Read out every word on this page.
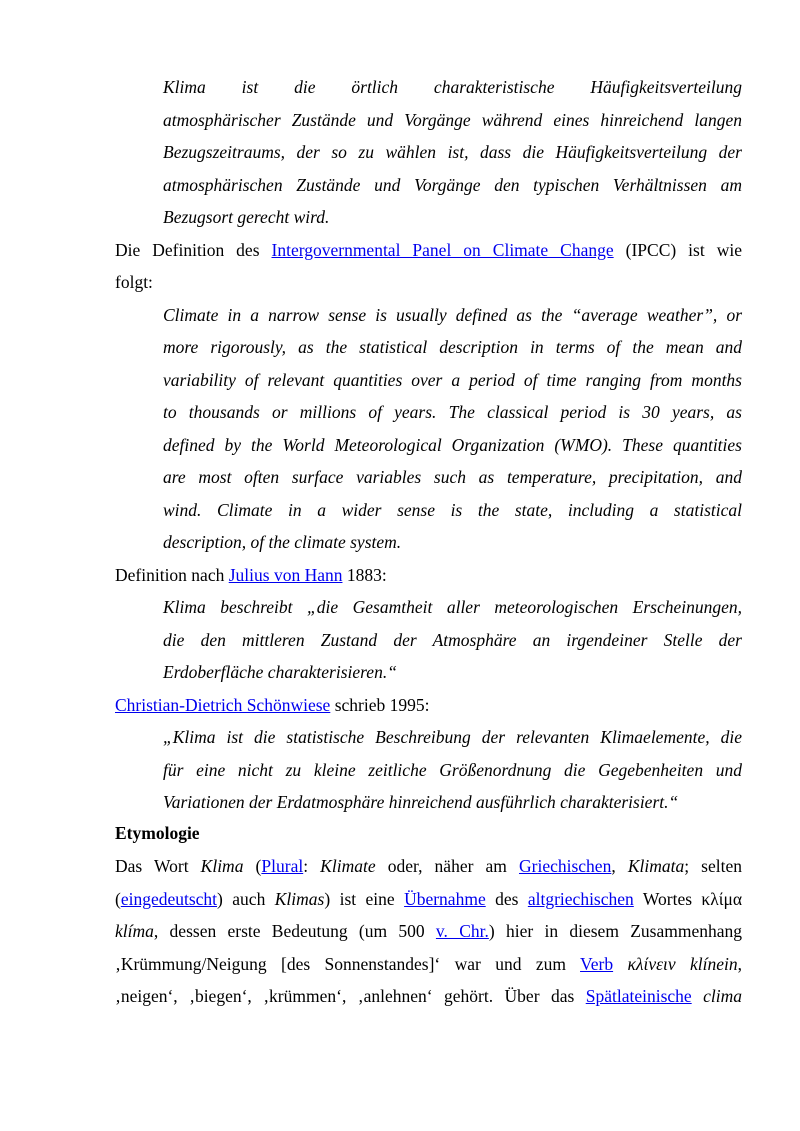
Klima ist die örtlich charakteristische Häufigkeitsverteilung
atmosphärischer Zustände und Vorgänge während eines hinreichend langen
Bezugszeitraums, der so zu wählen ist, dass die Häufigkeitsverteilung der
atmosphärischen Zustände und Vorgänge den typischen Verhältnissen am
Bezugsort gerecht wird.
Die Definition des Intergovernmental Panel on Climate Change (IPCC) ist wie
folgt:
Climate in a narrow sense is usually defined as the “average weather”, or
more rigorously, as the statistical description in terms of the mean and
variability of relevant quantities over a period of time ranging from months
to thousands or millions of years. The classical period is 30 years, as
defined by the World Meteorological Organization (WMO). These quantities
are most often surface variables such as temperature, precipitation, and
wind. Climate in a wider sense is the state, including a statistical
description, of the climate system.
Definition nach Julius von Hann 1883:
Klima beschreibt „die Gesamtheit aller meteorologischen Erscheinungen,
die den mittleren Zustand der Atmosphäre an irgendeiner Stelle der
Erdoberfläche charakterisieren.“
Christian-Dietrich Schönwiese schrieb 1995:
„Klima ist die statistische Beschreibung der relevanten Klimaelemente, die
für eine nicht zu kleine zeitliche Größenordnung die Gegebenheiten und
Variationen der Erdatmosphäre hinreichend ausführlich charakterisiert.“
Etymologie
Das Wort Klima (Plural: Klimate oder, näher am Griechischen, Klimata; selten
(eingedeutscht) auch Klimas) ist eine Übernahme des altgriechischen Wortes κλίμα
klíma, dessen erste Bedeutung (um 500 v. Chr.) hier in diesem Zusammenhang
‚Krümmung/Neigung [des Sonnenstandes]‘ war und zum Verb κλίνειν klínein,
‚neigen‘, ‚biegen‘, ‚krümmen‘, ‚anlehnen‘ gehört. Über das Spätlateinische clima
